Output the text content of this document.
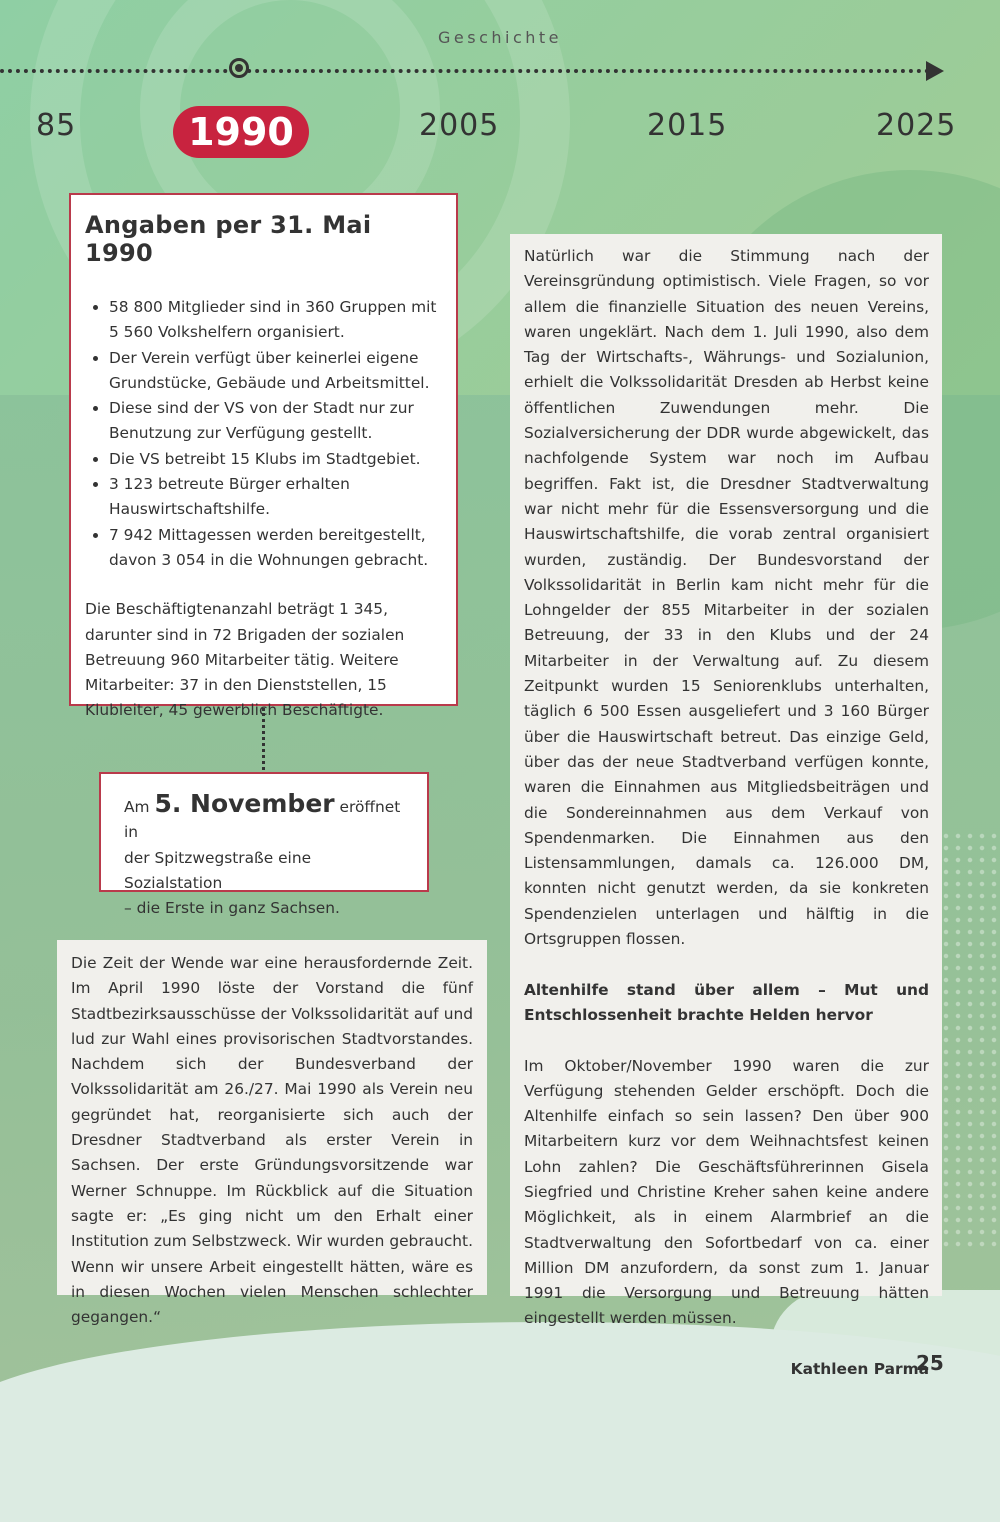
Geschichte
85	1990	2005	2015	2025
Angaben per 31. Mai 1990
• 58 800 Mitglieder sind in 360 Gruppen mit 5 560 Volkshelfern organisiert.
• Der Verein verfügt über keinerlei eigene Grundstücke, Gebäude und Arbeitsmittel.
• Diese sind der VS von der Stadt nur zur Benutzung zur Verfügung gestellt.
• Die VS betreibt 15 Klubs im Stadtgebiet.
• 3 123 betreute Bürger erhalten Hauswirtschaftshilfe.
• 7 942 Mittagessen werden bereitgestellt, davon 3 054 in die Wohnungen gebracht.

Die Beschäftigtenanzahl beträgt 1 345, darunter sind in 72 Brigaden der sozialen Betreuung 960 Mitarbeiter tätig. Weitere Mitarbeiter: 37 in den Dienststellen, 15 Klubleiter, 45 gewerblich Beschäftigte.

Am 5. November eröffnet in
der Spitzwegstraße eine Sozialstation
– die Erste in ganz Sachsen.
Die Zeit der Wende war eine herausfordernde Zeit. Im April 1990 löste der Vorstand die fünf Stadtbezirksausschüsse der Volkssolidarität auf und lud zur Wahl eines provisorischen Stadtvorstandes. Nachdem sich der Bundesverband der Volkssolidarität am 26./27. Mai 1990 als Verein neu gegründet hat, reorganisierte sich auch der Dresdner Stadtverband als erster Verein in Sachsen. Der erste Gründungsvorsitzende war Werner Schnuppe. Im Rückblick auf die Situation sagte er: „Es ging nicht um den Erhalt einer Institution zum Selbstzweck. Wir wurden gebraucht. Wenn wir unsere Arbeit eingestellt hätten, wäre es in diesen Wochen vielen Menschen schlechter gegangen.“

Natürlich war die Stimmung nach der Vereinsgründung optimistisch. Viele Fragen, so vor allem die finanzielle Situation des neuen Vereins, waren ungeklärt. Nach dem 1. Juli 1990, also dem Tag der Wirtschafts-, Währungs- und Sozialunion, erhielt die Volkssolidarität Dresden ab Herbst keine öffentlichen Zuwendungen mehr. Die Sozialversicherung der DDR wurde abgewickelt, das nachfolgende System war noch im Aufbau begriffen. Fakt ist, die Dresdner Stadtverwaltung war nicht mehr für die Essensversorgung und die Hauswirtschaftshilfe, die vorab zentral organisiert wurden, zuständig. Der Bundesvorstand der Volkssolidarität in Berlin kam nicht mehr für die Lohngelder der 855 Mitarbeiter in der sozialen Betreuung, der 33 in den Klubs und der 24 Mitarbeiter in der Verwaltung auf. Zu diesem Zeitpunkt wurden 15 Seniorenklubs unterhalten, täglich 6 500 Essen ausgeliefert und 3 160 Bürger über die Hauswirtschaft betreut. Das einzige Geld, über das der neue Stadtverband verfügen konnte, waren die Einnahmen aus Mitgliedsbeiträgen und die Sondereinnahmen aus dem Verkauf von Spendenmarken. Die Einnahmen aus den Listensammlungen, damals ca. 126.000 DM, konnten nicht genutzt werden, da sie konkreten Spendenzielen unterlagen und hälftig in die Ortsgruppen flossen.

Altenhilfe stand über allem – Mut und Entschlossenheit brachte Helden hervor

Im Oktober/November 1990 waren die zur Verfügung stehenden Gelder erschöpft. Doch die Altenhilfe einfach so sein lassen? Den über 900 Mitarbeitern kurz vor dem Weihnachtsfest keinen Lohn zahlen? Die Geschäftsführerinnen Gisela Siegfried und Christine Kreher sahen keine andere Möglichkeit, als in einem Alarmbrief an die Stadtverwaltung den Sofortbedarf von ca. einer Million DM anzufordern, da sonst zum 1. Januar 1991 die Versorgung und Betreuung hätten eingestellt werden müssen.

Kathleen Parma

25
